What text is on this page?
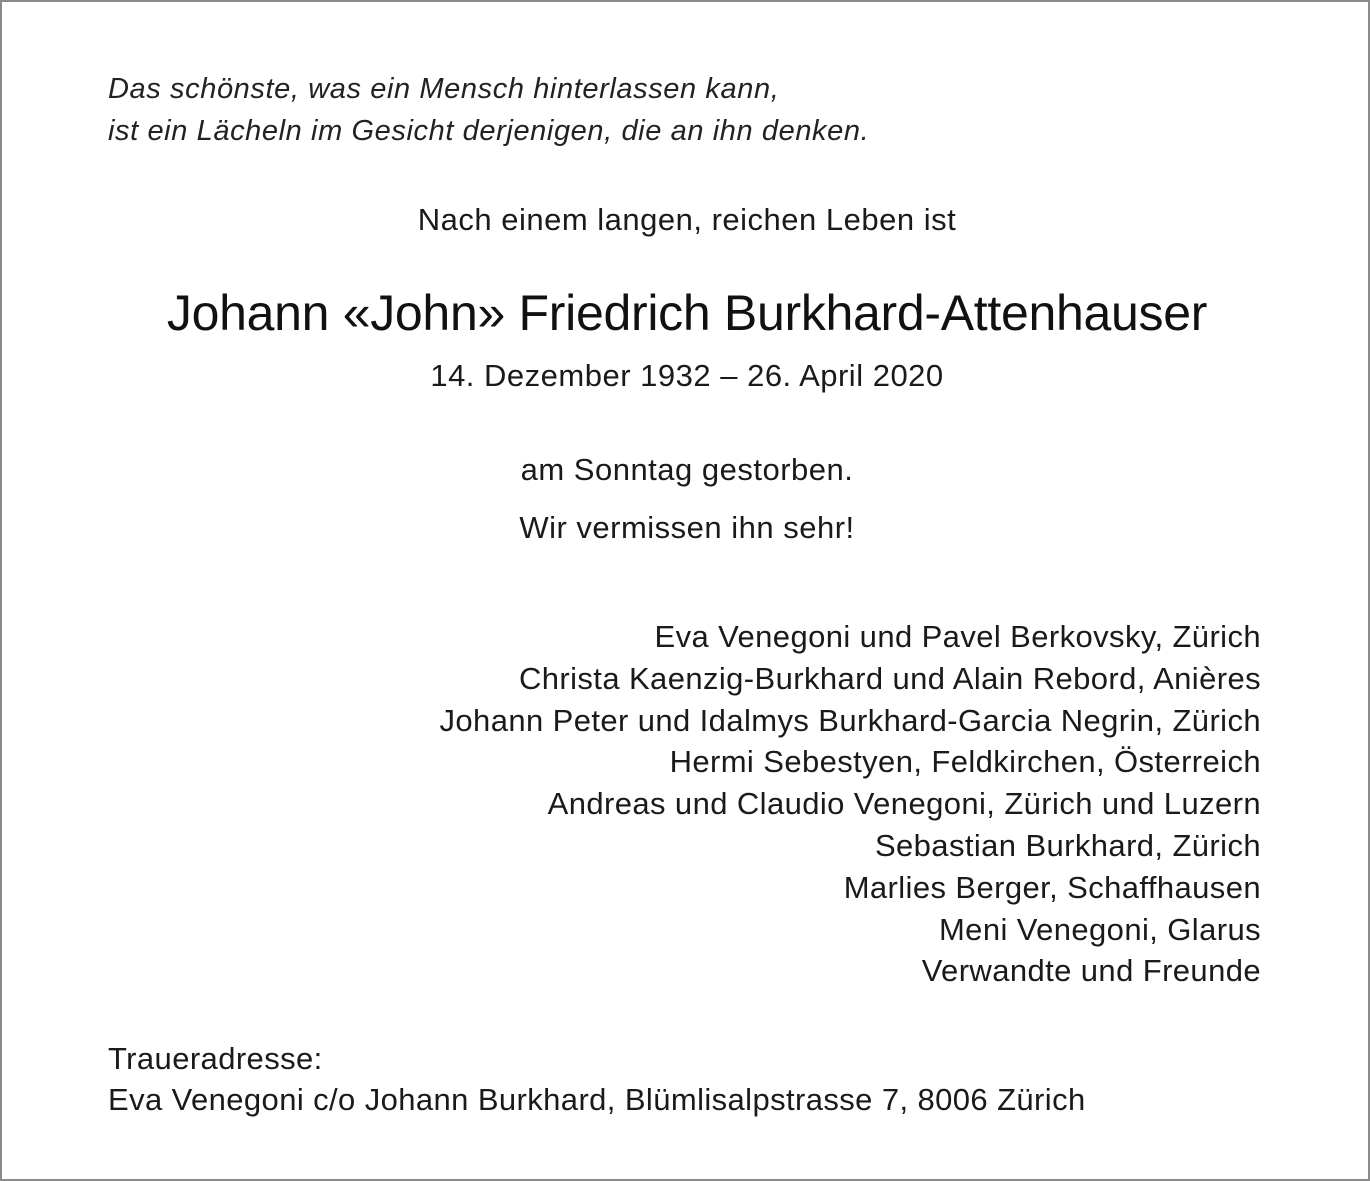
Das schönste, was ein Mensch hinterlassen kann,
ist ein Lächeln im Gesicht derjenigen, die an ihn denken.
Nach einem langen, reichen Leben ist
Johann «John» Friedrich Burkhard-Attenhauser
14. Dezember 1932 – 26. April 2020
am Sonntag gestorben.
Wir vermissen ihn sehr!
Eva Venegoni und Pavel Berkovsky, Zürich
Christa Kaenzig-Burkhard und Alain Rebord, Anières
Johann Peter und Idalmys Burkhard-Garcia Negrin, Zürich
Hermi Sebestyen, Feldkirchen, Österreich
Andreas und Claudio Venegoni, Zürich und Luzern
Sebastian Burkhard, Zürich
Marlies Berger, Schaffhausen
Meni Venegoni, Glarus
Verwandte und Freunde
Traueradresse:
Eva Venegoni c/o Johann Burkhard, Blümlisalpstrasse 7, 8006 Zürich
